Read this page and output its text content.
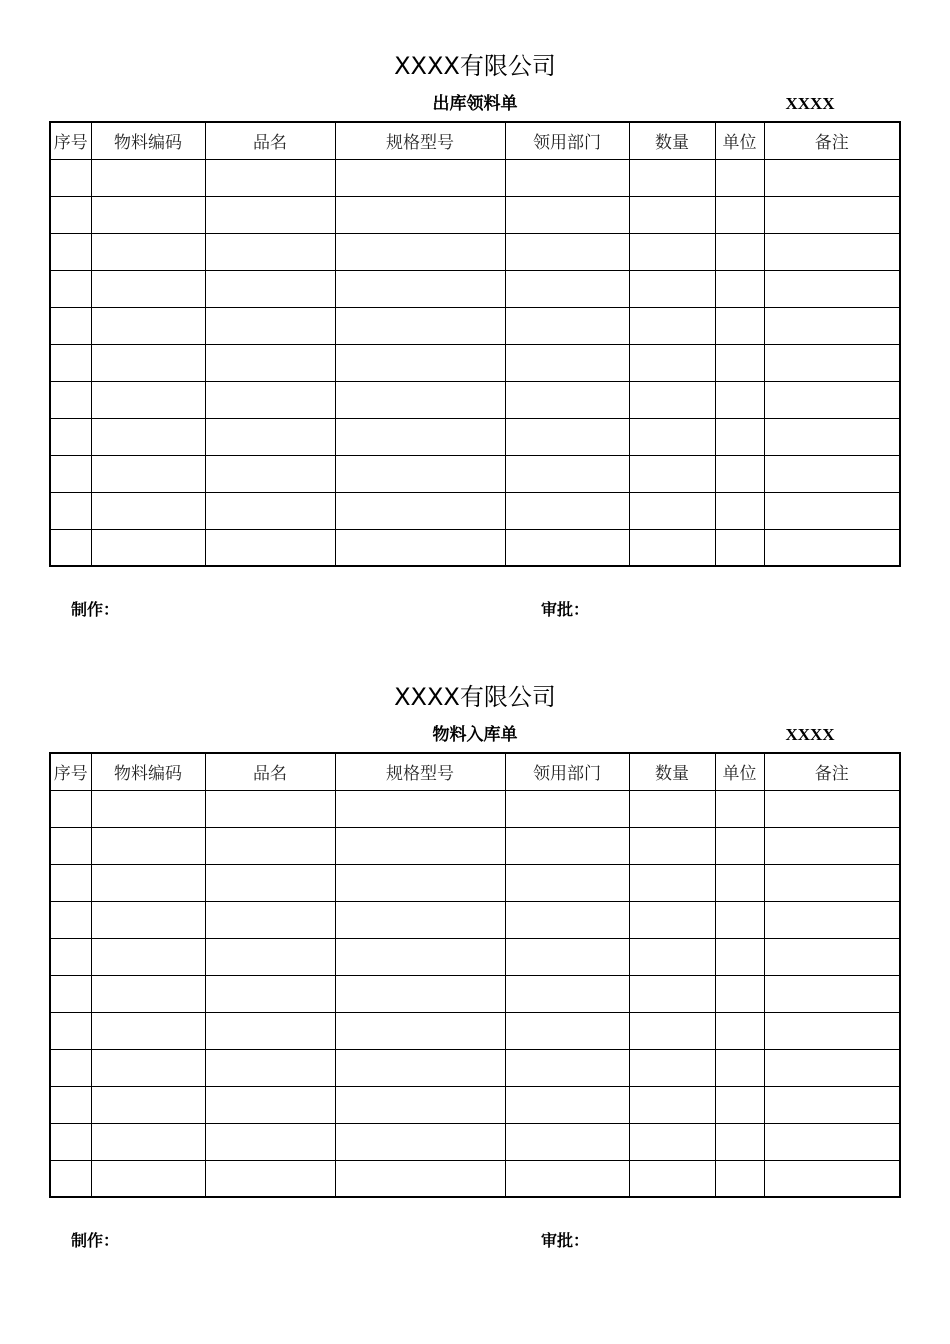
XXXX有限公司
出库领料单	XXXX
序号	物料编码	品名	规格型号	领用部门	数量	单位	备注

制作：	审批：
XXXX有限公司
物料入库单	XXXX
序号	物料编码	品名	规格型号	领用部门	数量	单位	备注

制作：	审批：
